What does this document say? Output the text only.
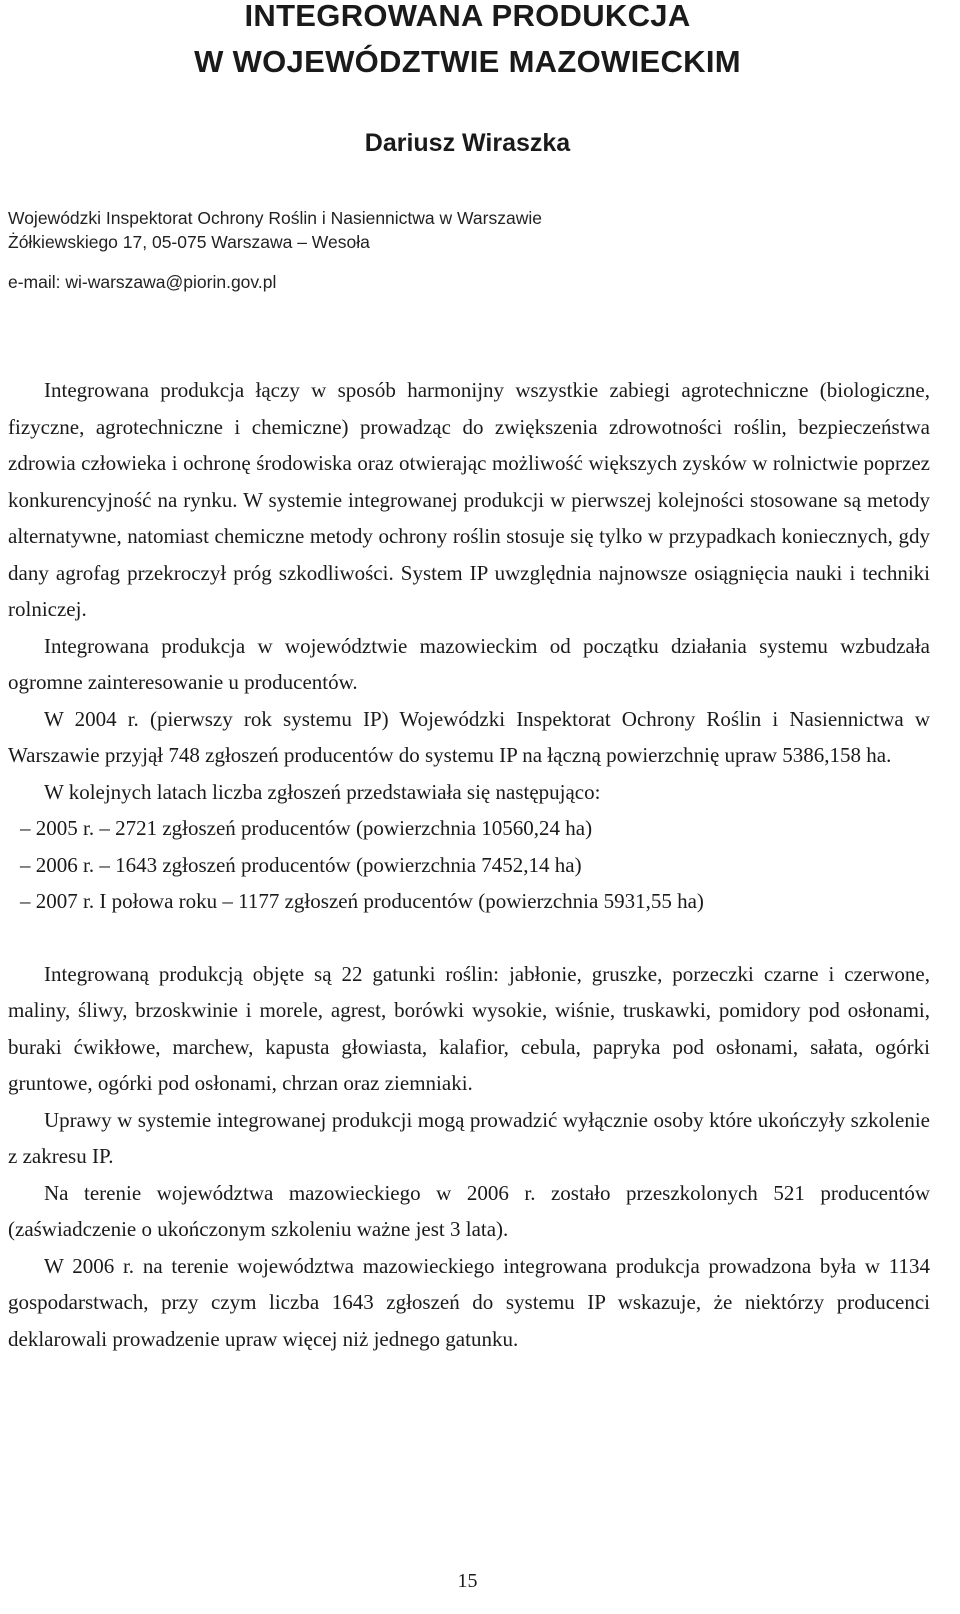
INTEGROWANA PRODUKCJA
W WOJEWÓDZTWIE MAZOWIECKIM
Dariusz Wiraszka
Wojewódzki Inspektorat Ochrony Roślin i Nasiennictwa w Warszawie
Żółkiewskiego 17, 05-075 Warszawa – Wesoła
e-mail: wi-warszawa@piorin.gov.pl

Integrowana produkcja łączy w sposób harmonijny wszystkie zabiegi agrotechniczne (biologiczne, fizyczne, agrotechniczne i chemiczne) prowadząc do zwiększenia zdrowotności roślin, bezpieczeństwa zdrowia człowieka i ochronę środowiska oraz otwierając możliwość większych zysków w rolnictwie poprzez konkurencyjność na rynku. W systemie integrowanej produkcji w pierwszej kolejności stosowane są metody alternatywne, natomiast chemiczne metody ochrony roślin stosuje się tylko w przypadkach koniecznych, gdy dany agrofag przekroczył próg szkodliwości. System IP uwzględnia najnowsze osiągnięcia nauki i techniki rolniczej.

Integrowana produkcja w województwie mazowieckim od początku działania systemu wzbudzała ogromne zainteresowanie u producentów.

W 2004 r. (pierwszy rok systemu IP) Wojewódzki Inspektorat Ochrony Roślin i Nasiennictwa w Warszawie przyjął 748 zgłoszeń producentów do systemu IP na łączną powierzchnię upraw 5386,158 ha.

W kolejnych latach liczba zgłoszeń przedstawiała się następująco:

– 2005 r. – 2721 zgłoszeń producentów (powierzchnia 10560,24 ha)
– 2006 r. – 1643 zgłoszeń producentów (powierzchnia 7452,14 ha)
– 2007 r. I połowa roku – 1177 zgłoszeń producentów (powierzchnia 5931,55 ha)

Integrowaną produkcją objęte są 22 gatunki roślin: jabłonie, gruszke, porzeczki czarne i czerwone, maliny, śliwy, brzoskwinie i morele, agrest, borówki wysokie, wiśnie, truskawki, pomidory pod osłonami, buraki ćwikłowe, marchew, kapusta głowiasta, kalafior, cebula, papryka pod osłonami, sałata, ogórki gruntowe, ogórki pod osłonami, chrzan oraz ziemniaki.

Uprawy w systemie integrowanej produkcji mogą prowadzić wyłącznie osoby które ukończyły szkolenie z zakresu IP.

Na terenie województwa mazowieckiego w 2006 r. zostało przeszkolonych 521 producentów (zaświadczenie o ukończonym szkoleniu ważne jest 3 lata).

W 2006 r. na terenie województwa mazowieckiego integrowana produkcja prowadzona była w 1134 gospodarstwach, przy czym liczba 1643 zgłoszeń do systemu IP wskazuje, że niektórzy producenci deklarowali prowadzenie upraw więcej niż jednego gatunku.

15
